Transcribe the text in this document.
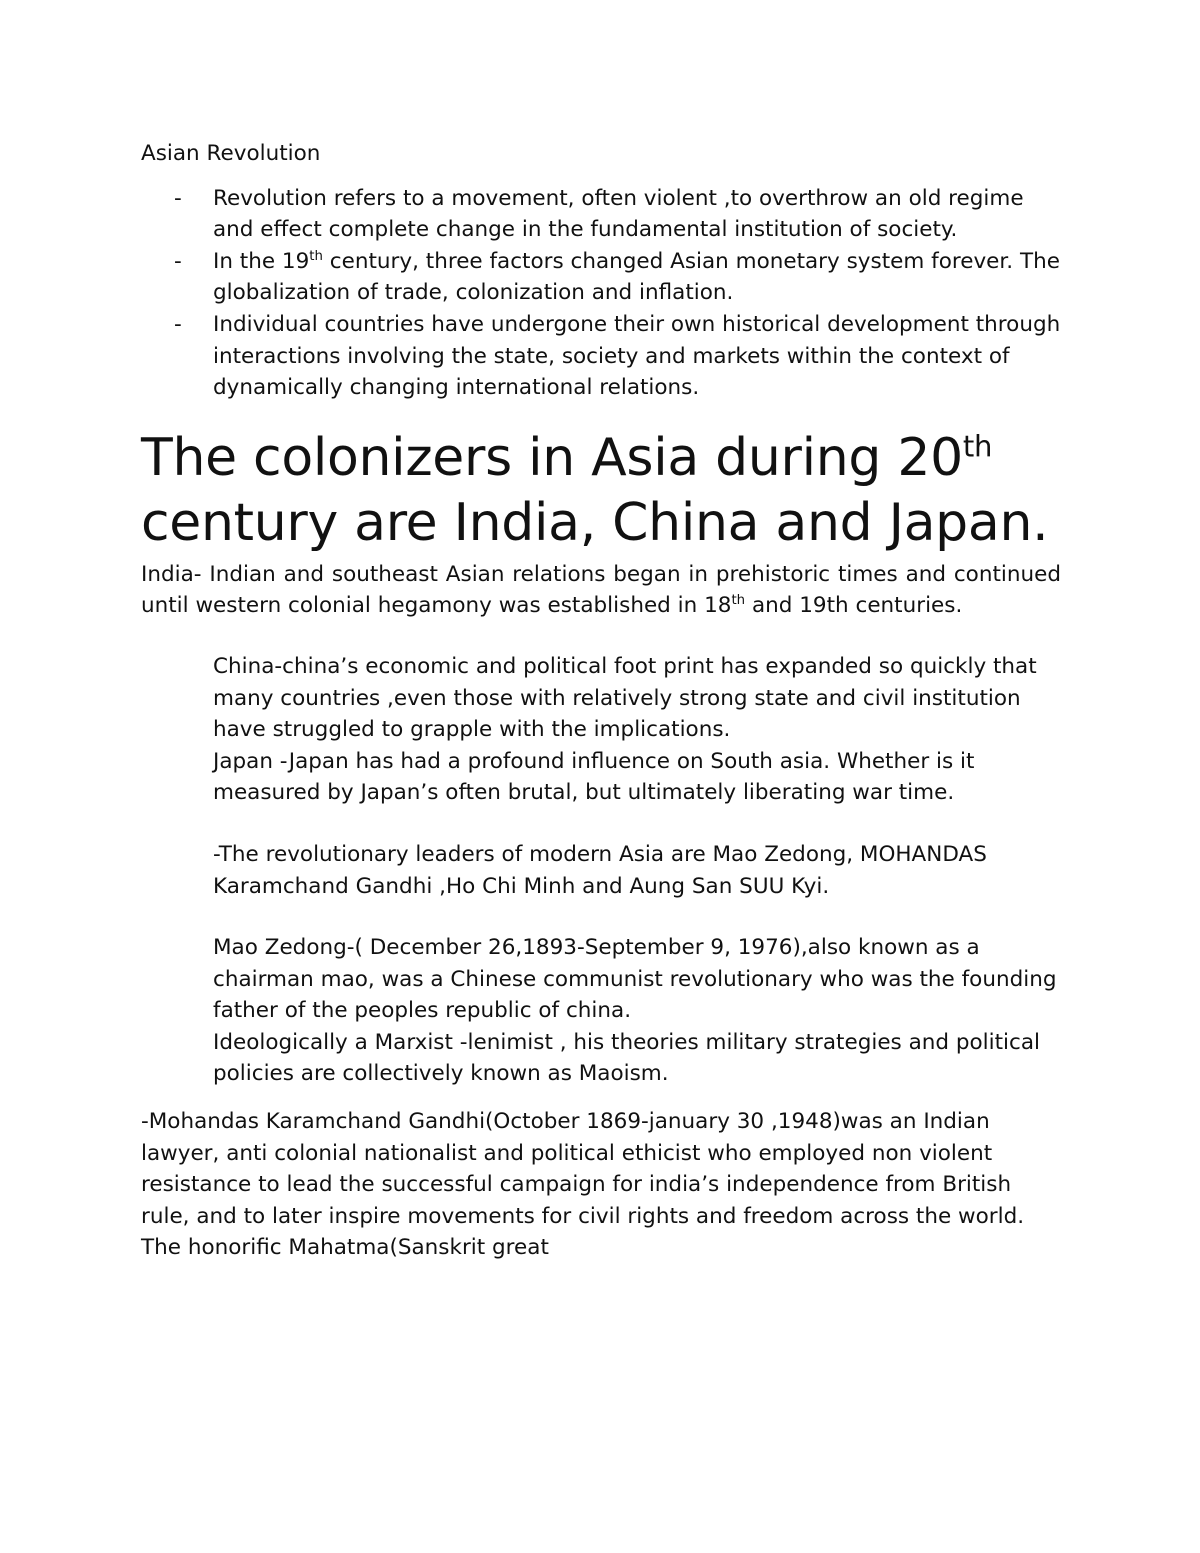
Asian Revolution
- Revolution refers to a movement, often violent ,to overthrow an old regime and effect complete change in the fundamental institution of society.
- In the 19th century, three factors changed Asian monetary system forever. The globalization of trade, colonization and inflation.
- Individual countries have undergone their own historical development through interactions involving the state, society and markets within the context of dynamically changing international relations.
The colonizers in Asia during 20th century are India, China and Japan.

India- Indian and southeast Asian relations began in prehistoric times and continued until western colonial hegamony was established in 18th and 19th centuries.

China-china’s economic and political foot print has expanded so quickly that many countries ,even those with relatively strong state and civil institution have struggled to grapple with the implications.

Japan -Japan has had a profound influence on South asia. Whether is it measured by Japan’s often brutal, but ultimately liberating war time.

-The revolutionary leaders of modern Asia are Mao Zedong, MOHANDAS Karamchand Gandhi ,Ho Chi Minh and Aung San SUU Kyi.

Mao Zedong-( December 26,1893-September 9, 1976),also known as a chairman mao, was a Chinese communist revolutionary who was the founding father of the peoples republic of china.

Ideologically a Marxist -lenimist , his theories military strategies and political policies are collectively known as Maoism.

-Mohandas Karamchand Gandhi(October 1869-january 30 ,1948)was an Indian lawyer, anti colonial nationalist and political ethicist who employed non violent resistance to lead the successful campaign for india’s independence from British rule, and to later inspire movements for civil rights and freedom across the world. The honorific Mahatma(Sanskrit great
